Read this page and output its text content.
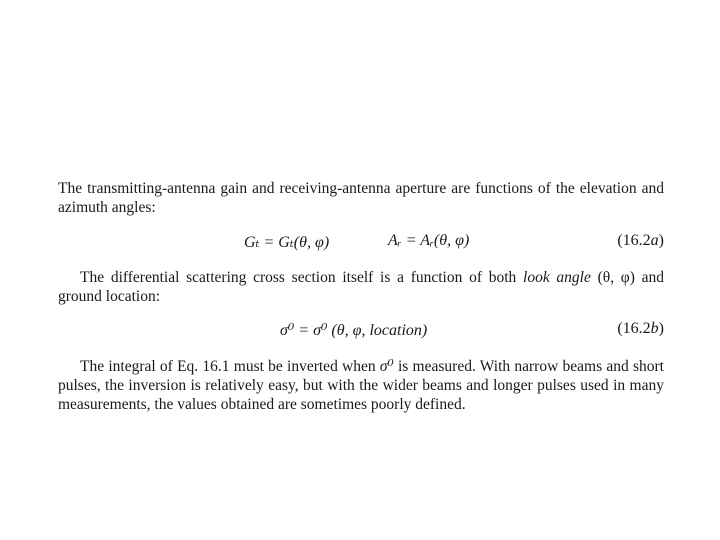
The transmitting-antenna gain and receiving-antenna aperture are functions of the elevation and azimuth angles:

Gₜ = Gₜ(θ, φ)	Aᵣ = Aᵣ(θ, φ)	(16.2a)

The differential scattering cross section itself is a function of both look angle (θ, φ) and ground location:

σ⁰ = σ⁰ (θ, φ, location)	(16.2b)

The integral of Eq. 16.1 must be inverted when σ⁰ is measured. With narrow beams and short pulses, the inversion is relatively easy, but with the wider beams and longer pulses used in many measurements, the values obtained are sometimes poorly defined.
